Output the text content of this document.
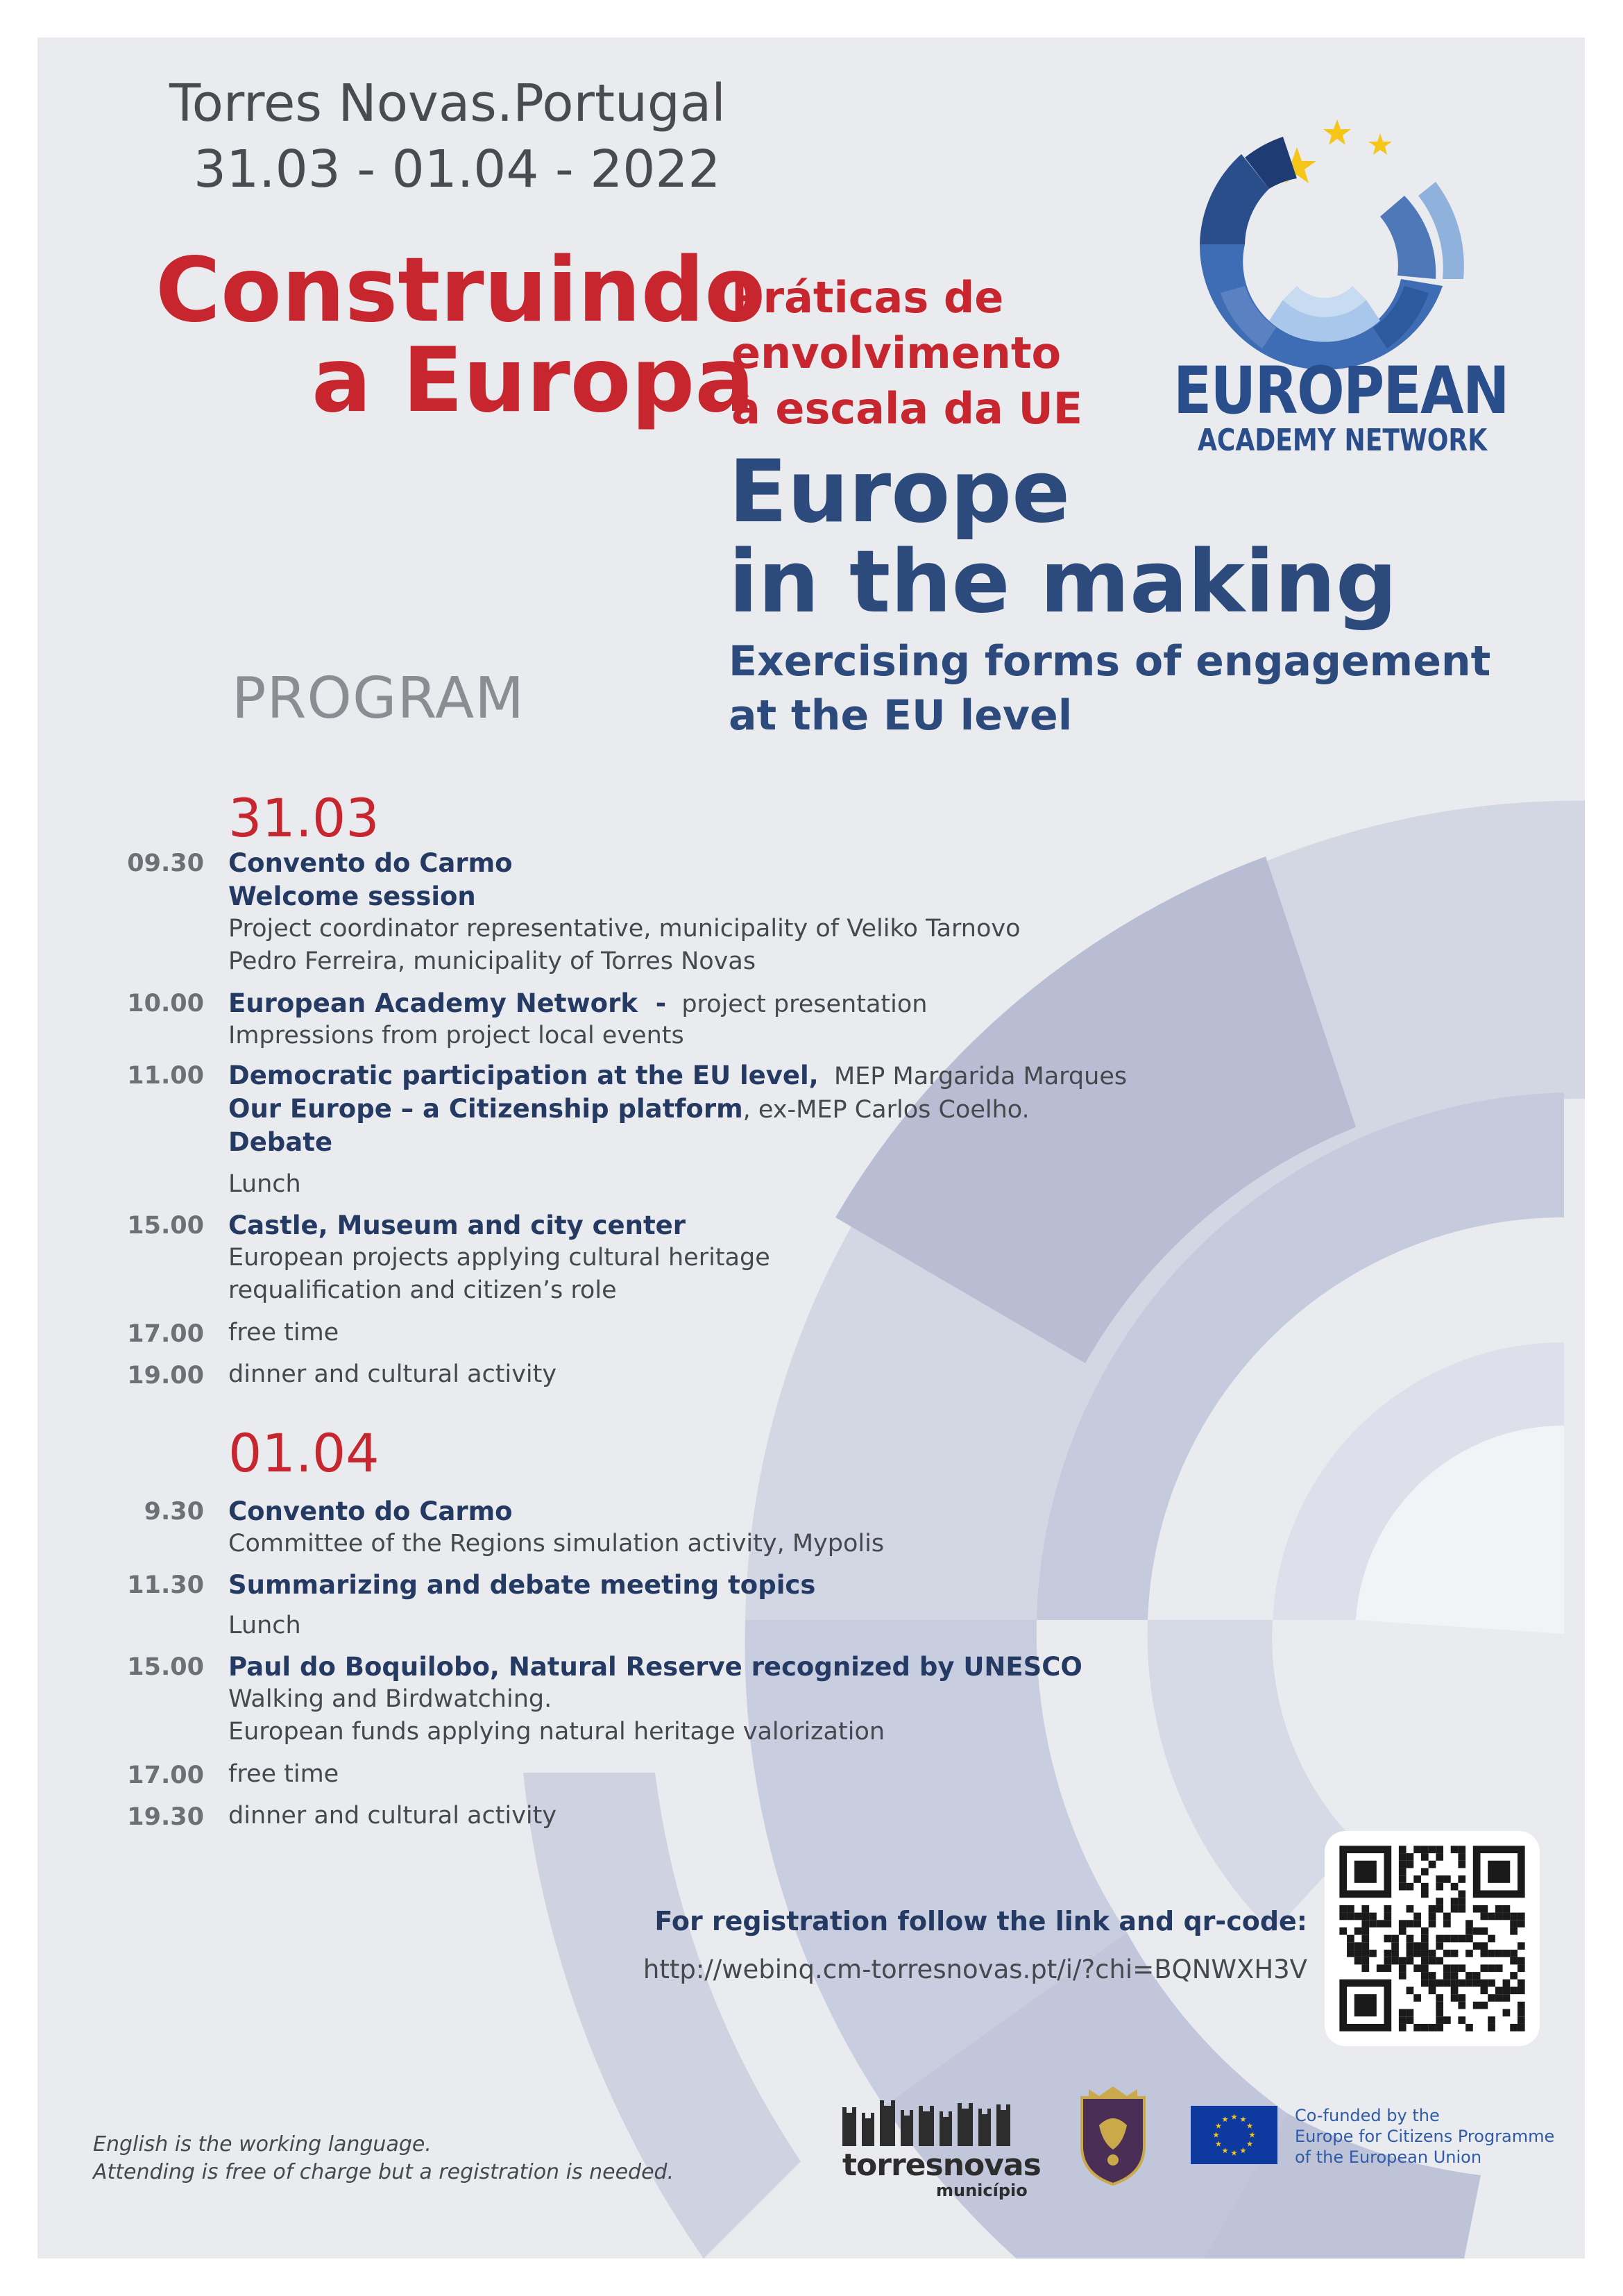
Torres Novas.Portugal

31.03 - 01.04 - 2022

Construindo

a Europa

Práticas de

envolvimento

à escala da UE

Europe

in the making

Exercising forms of engagement

at the EU level

EUROPEAN

ACADEMY NETWORK

PROGRAM

31.03

09.30 Convento do Carmo

Welcome session

Project coordinator representative, municipality of Veliko Tarnovo

Pedro Ferreira, municipality of Torres Novas

10.00 European Academy Network  -  project presentation

Impressions from project local events

11.00 Democratic participation at the EU level,  MEP Margarida Marques

Our Europe – a Citizenship platform, ex-MEP Carlos Coelho.

Debate

Lunch

15.00 Castle, Museum and city center

European projects applying cultural heritage

requalification and citizen’s role

17.00 free time

19.00 dinner and cultural activity

01.04

9.30 Convento do Carmo

Committee of the Regions simulation activity, Mypolis

11.30 Summarizing and debate meeting topics

Lunch

15.00 Paul do Boquilobo, Natural Reserve recognized by UNESCO

Walking and Birdwatching.

European funds applying natural heritage valorization

17.00 free time

19.30 dinner and cultural activity

For registration follow the link and qr-code:

http://webinq.cm-torresnovas.pt/i/?chi=BQNWXH3V

English is the working language.

Attending is free of charge but a registration is needed.	torresnovas

município

Co-funded by the

Europe for Citizens Programme

of the European Union
